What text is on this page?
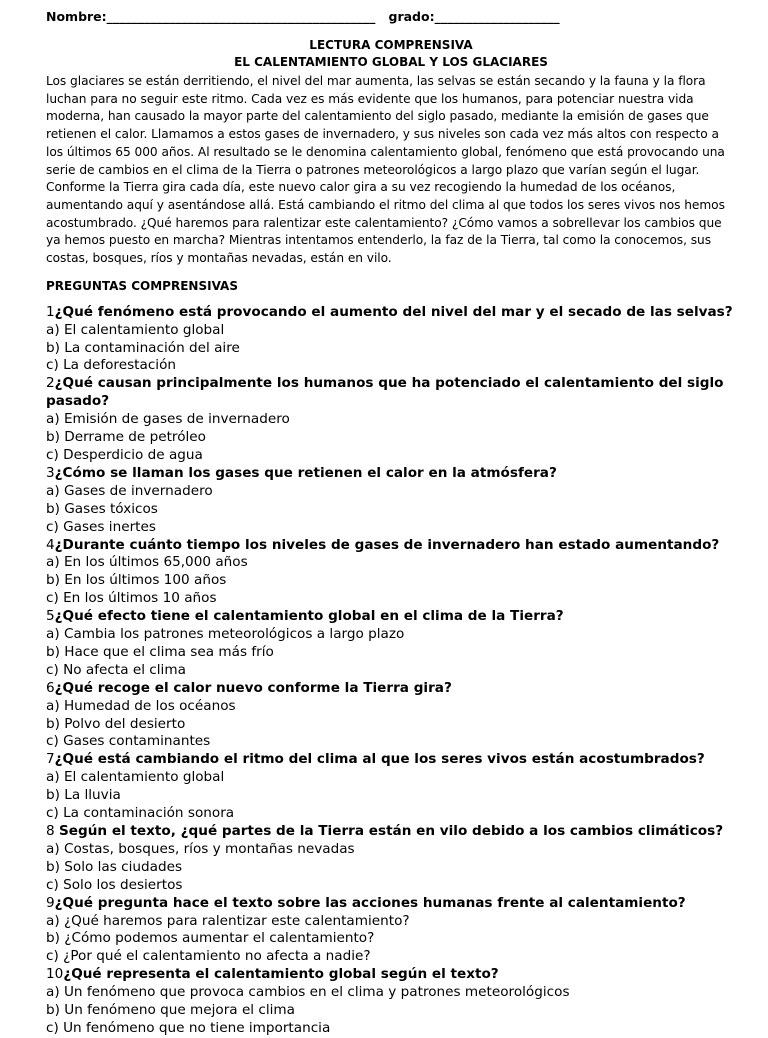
Nombre:___________________________________________ grado:____________________
LECTURA COMPRENSIVA
EL CALENTAMIENTO GLOBAL Y LOS GLACIARES

Los glaciares se están derritiendo, el nivel del mar aumenta, las selvas se están secando y la fauna y la flora luchan para no seguir este ritmo. Cada vez es más evidente que los humanos, para potenciar nuestra vida moderna, han causado la mayor parte del calentamiento del siglo pasado, mediante la emisión de gases que retienen el calor. Llamamos a estos gases de invernadero, y sus niveles son cada vez más altos con respecto a los últimos 65 000 años. Al resultado se le denomina calentamiento global, fenómeno que está provocando una serie de cambios en el clima de la Tierra o patrones meteorológicos a largo plazo que varían según el lugar. Conforme la Tierra gira cada día, este nuevo calor gira a su vez recogiendo la humedad de los océanos, aumentando aquí y asentándose allá. Está cambiando el ritmo del clima al que todos los seres vivos nos hemos acostumbrado. ¿Qué haremos para ralentizar este calentamiento? ¿Cómo vamos a sobrellevar los cambios que ya hemos puesto en marcha? Mientras intentamos entenderlo, la faz de la Tierra, tal como la conocemos, sus costas, bosques, ríos y montañas nevadas, están en vilo.

PREGUNTAS COMPRENSIVAS
1¿Qué fenómeno está provocando el aumento del nivel del mar y el secado de las selvas?
a) El calentamiento global
b) La contaminación del aire
c) La deforestación
2¿Qué causan principalmente los humanos que ha potenciado el calentamiento del siglo pasado?
a) Emisión de gases de invernadero
b) Derrame de petróleo
c) Desperdicio de agua
3¿Cómo se llaman los gases que retienen el calor en la atmósfera?
a) Gases de invernadero
b) Gases tóxicos
c) Gases inertes
4¿Durante cuánto tiempo los niveles de gases de invernadero han estado aumentando?
a) En los últimos 65,000 años
b) En los últimos 100 años
c) En los últimos 10 años
5¿Qué efecto tiene el calentamiento global en el clima de la Tierra?
a) Cambia los patrones meteorológicos a largo plazo
b) Hace que el clima sea más frío
c) No afecta el clima
6¿Qué recoge el calor nuevo conforme la Tierra gira?
a) Humedad de los océanos
b) Polvo del desierto
c) Gases contaminantes
7¿Qué está cambiando el ritmo del clima al que los seres vivos están acostumbrados?
a) El calentamiento global
b) La lluvia
c) La contaminación sonora
8 Según el texto, ¿qué partes de la Tierra están en vilo debido a los cambios climáticos?
a) Costas, bosques, ríos y montañas nevadas
b) Solo las ciudades
c) Solo los desiertos
9¿Qué pregunta hace el texto sobre las acciones humanas frente al calentamiento?
a) ¿Qué haremos para ralentizar este calentamiento?
b) ¿Cómo podemos aumentar el calentamiento?
c) ¿Por qué el calentamiento no afecta a nadie?
10¿Qué representa el calentamiento global según el texto?
a) Un fenómeno que provoca cambios en el clima y patrones meteorológicos
b) Un fenómeno que mejora el clima
c) Un fenómeno que no tiene importancia
